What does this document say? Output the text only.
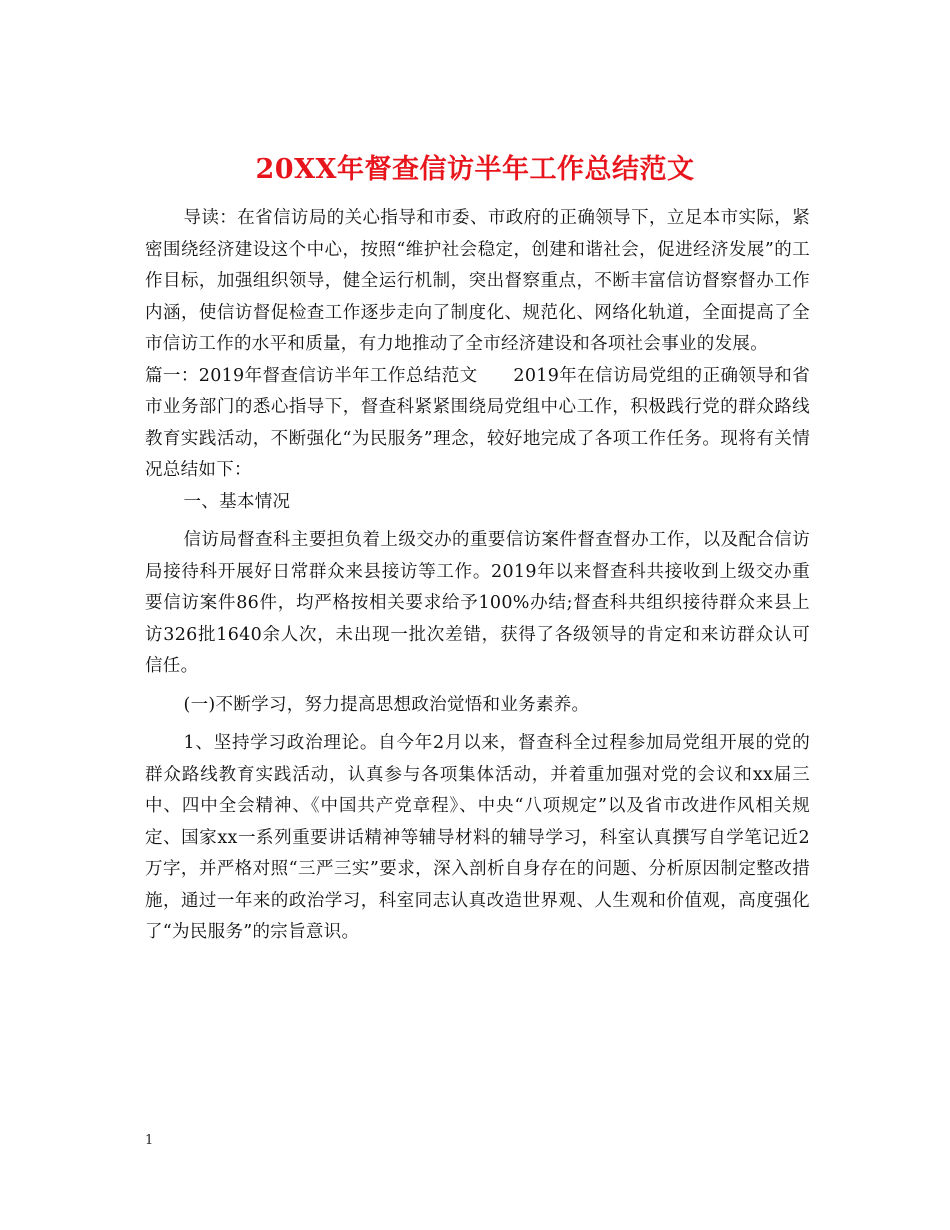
20XX年督查信访半年工作总结范文

导读：在省信访局的关心指导和市委、市政府的正确领导下，立足本市实际，紧密围绕经济建设这个中心，按照“维护社会稳定，创建和谐社会，促进经济发展”的工作目标，加强组织领导，健全运行机制，突出督察重点，不断丰富信访督察督办工作内涵，使信访督促检查工作逐步走向了制度化、规范化、网络化轨道，全面提高了全市信访工作的水平和质量，有力地推动了全市经济建设和各项社会事业的发展。

篇一：2019年督查信访半年工作总结范文　　2019年在信访局党组的正确领导和省市业务部门的悉心指导下，督查科紧紧围绕局党组中心工作，积极践行党的群众路线教育实践活动，不断强化“为民服务”理念，较好地完成了各项工作任务。现将有关情况总结如下：

一、基本情况

信访局督查科主要担负着上级交办的重要信访案件督查督办工作，以及配合信访局接待科开展好日常群众来县接访等工作。2019年以来督查科共接收到上级交办重要信访案件86件，均严格按相关要求给予100%办结;督查科共组织接待群众来县上访326批1640余人次，未出现一批次差错，获得了各级领导的肯定和来访群众认可信任。

(一)不断学习，努力提高思想政治觉悟和业务素养。

1、坚持学习政治理论。自今年2月以来，督查科全过程参加局党组开展的党的群众路线教育实践活动，认真参与各项集体活动，并着重加强对党的会议和xx届三中、四中全会精神、《中国共产党章程》、中央“八项规定”以及省市改进作风相关规定、国家xx一系列重要讲话精神等辅导材料的辅导学习，科室认真撰写自学笔记近2万字，并严格对照“三严三实”要求，深入剖析自身存在的问题、分析原因制定整改措施，通过一年来的政治学习，科室同志认真改造世界观、人生观和价值观，高度强化了“为民服务”的宗旨意识。

1
